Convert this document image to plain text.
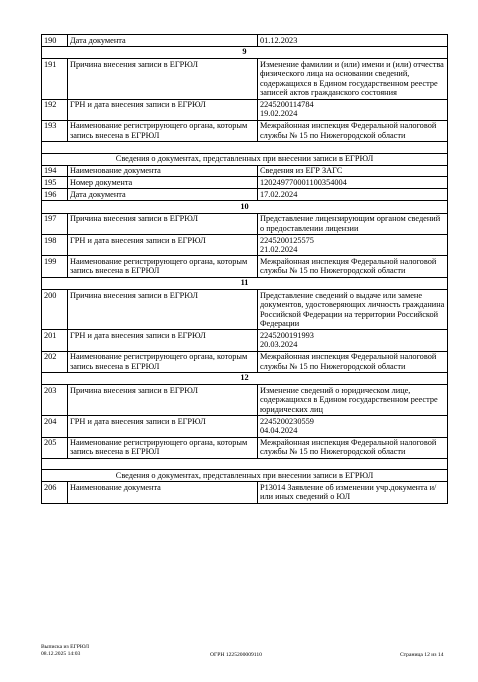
190	Дата документа	01.12.2023
9		
191	Причина внесения записи в ЕГРЮЛ	Изменение фамилии и (или) имени и (или) отчества физического лица на основании сведений, содержащихся в Едином государственном реестре записей актов гражданского состояния
192	ГРН и дата внесения записи в ЕГРЮЛ	2245200114784
19.02.2024
193	Наименование регистрирующего органа, которым запись внесена в ЕГРЮЛ	Межрайонная инспекция Федеральной налоговой службы № 15 по Нижегородской области

Сведения о документах, представленных при внесении записи в ЕГРЮЛ		
194	Наименование документа	Сведения из ЕГР ЗАГС
195	Номер документа	120249770001100354004
196	Дата документа	17.02.2024
10		
197	Причина внесения записи в ЕГРЮЛ	Представление лицензирующим органом сведений о предоставлении лицензии
198	ГРН и дата внесения записи в ЕГРЮЛ	2245200125575
21.02.2024
199	Наименование регистрирующего органа, которым запись внесена в ЕГРЮЛ	Межрайонная инспекция Федеральной налоговой службы № 15 по Нижегородской области
11		
200	Причина внесения записи в ЕГРЮЛ	Представление сведений о выдаче или замене документов, удостоверяющих личность гражданина Российской Федерации на территории Российской Федерации
201	ГРН и дата внесения записи в ЕГРЮЛ	2245200191993
20.03.2024
202	Наименование регистрирующего органа, которым запись внесена в ЕГРЮЛ	Межрайонная инспекция Федеральной налоговой службы № 15 по Нижегородской области
12		
203	Причина внесения записи в ЕГРЮЛ	Изменение сведений о юридическом лице, содержащихся в Едином государственном реестре юридических лиц
204	ГРН и дата внесения записи в ЕГРЮЛ	2245200230559
04.04.2024
205	Наименование регистрирующего органа, которым запись внесена в ЕГРЮЛ	Межрайонная инспекция Федеральной налоговой службы № 15 по Нижегородской области

Сведения о документах, представленных при внесении записи в ЕГРЮЛ		
206	Наименование документа	Р13014 Заявление об изменении учр.документа и/или иных сведений о ЮЛ
Выписка из ЕГРЮЛ
08.12.2025 14:03	ОГРН 1225200009110	Страница 12 из 14
